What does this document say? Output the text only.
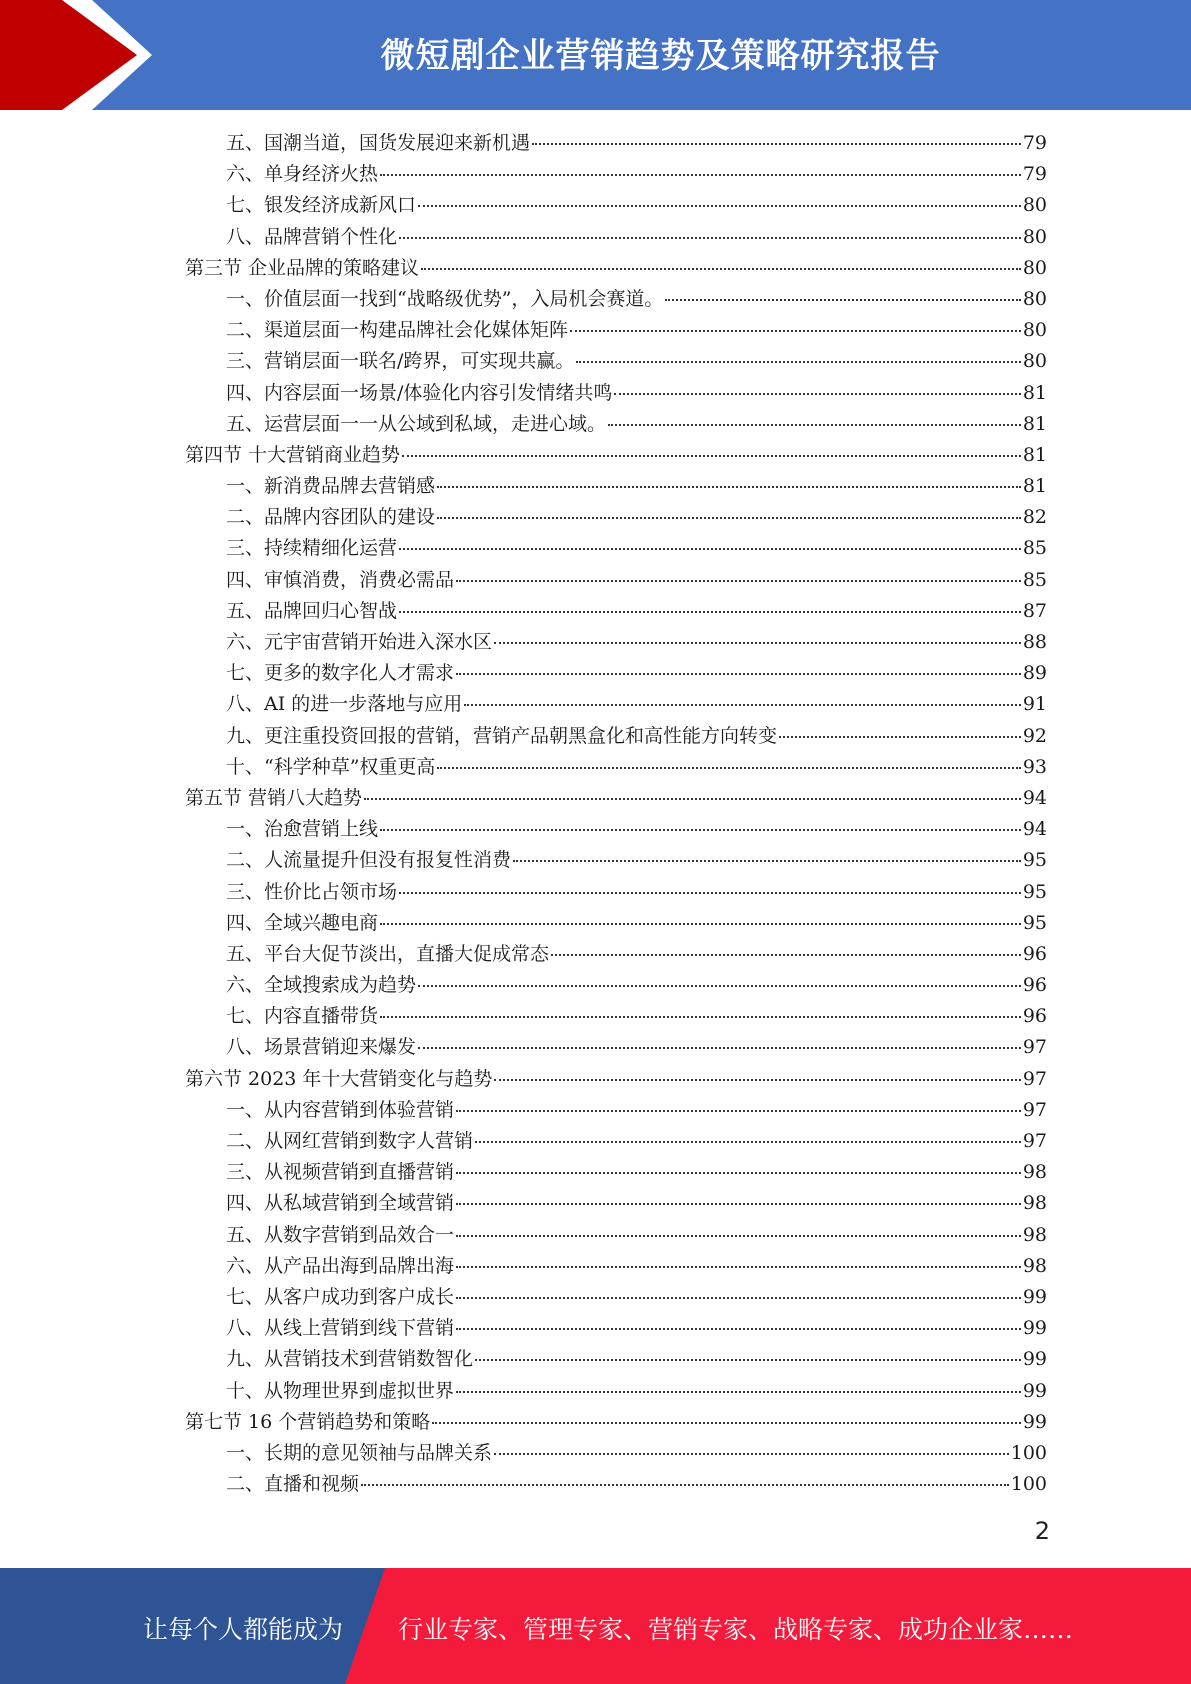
微短剧企业营销趋势及策略研究报告
五、国潮当道，国货发展迎来新机遇	79
六、单身经济火热	79
七、银发经济成新风口	80
八、品牌营销个性化	80
第三节 企业品牌的策略建议	80
一、价值层面一找到“战略级优势”，入局机会赛道。	80
二、渠道层面一构建品牌社会化媒体矩阵	80
三、营销层面一联名/跨界，可实现共赢。	80
四、内容层面一场景/体验化内容引发情绪共鸣	81
五、运营层面一一从公域到私域，走进心域。	81
第四节 十大营销商业趋势	81
一、新消费品牌去营销感	81
二、品牌内容团队的建设	82
三、持续精细化运营	85
四、审慎消费，消费必需品	85
五、品牌回归心智战	87
六、元宇宙营销开始进入深水区	88
七、更多的数字化人才需求	89
八、AI 的进一步落地与应用	91
九、更注重投资回报的营销，营销产品朝黑盒化和高性能方向转变	92
十、“科学种草”权重更高	93
第五节 营销八大趋势	94
一、治愈营销上线	94
二、人流量提升但没有报复性消费	95
三、性价比占领市场	95
四、全域兴趣电商	95
五、平台大促节淡出，直播大促成常态	96
六、全域搜索成为趋势	96
七、内容直播带货	96
八、场景营销迎来爆发	97
第六节 2023 年十大营销变化与趋势	97
一、从内容营销到体验营销	97
二、从网红营销到数字人营销	97
三、从视频营销到直播营销	98
四、从私域营销到全域营销	98
五、从数字营销到品效合一	98
六、从产品出海到品牌出海	98
七、从客户成功到客户成长	99
八、从线上营销到线下营销	99
九、从营销技术到营销数智化	99
十、从物理世界到虚拟世界	99
第七节 16 个营销趋势和策略	99
一、长期的意见领袖与品牌关系	100
二、直播和视频	100
2
让每个人都能成为 行业专家、管理专家、营销专家、战略专家、成功企业家……
